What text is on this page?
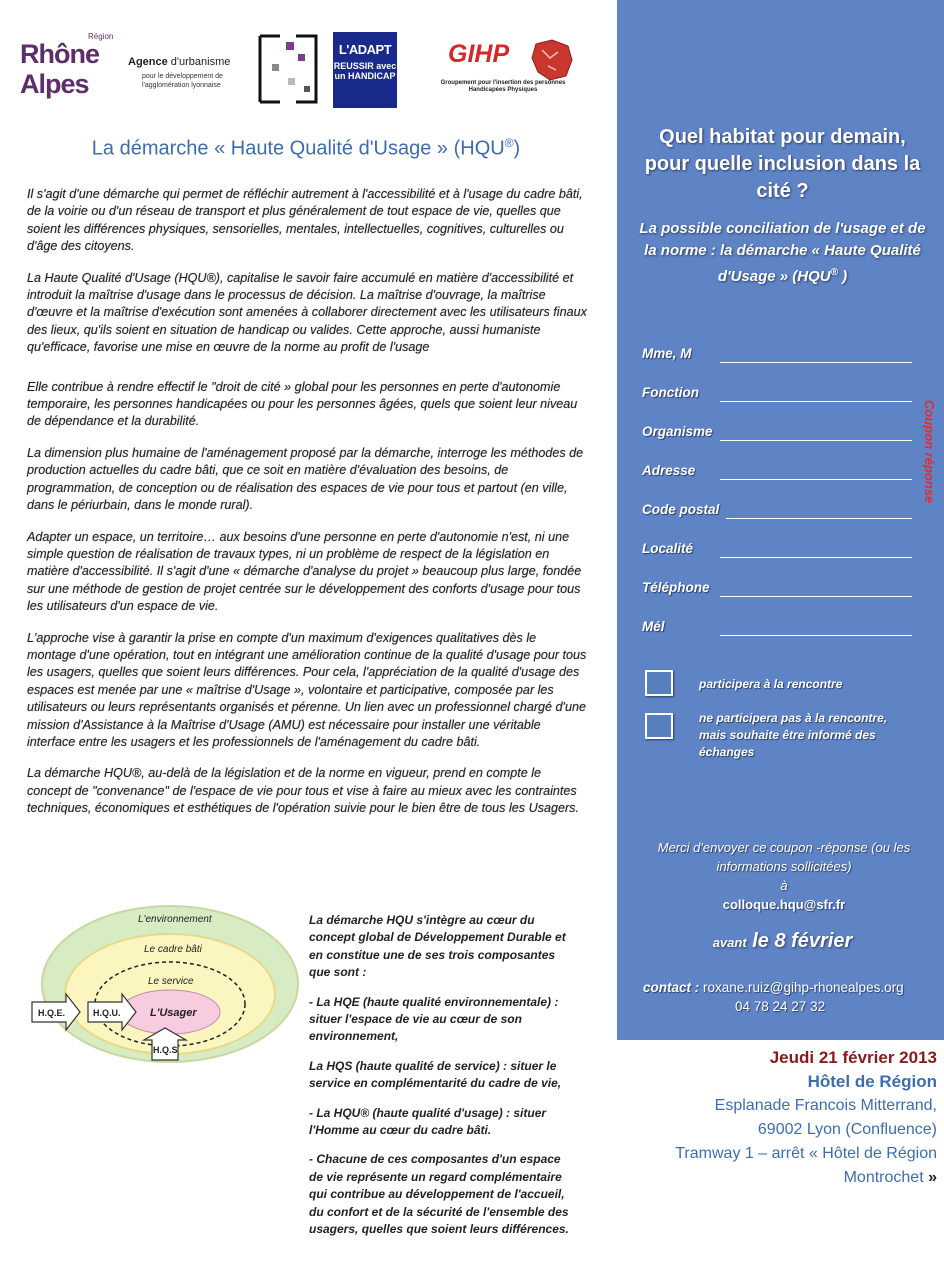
Région
Rhône
Alpes
Agence d'urbanisme
pour le développement de l'agglomération lyonnaise
L'ADAPT
REUSSIR avec un HANDICAP
GIHP
Groupement pour l'insertion des personnes Handicapées Physiques
La démarche « Haute Qualité d'Usage » (HQU®)

Il s'agit d'une démarche qui permet de réfléchir autrement à l'accessibilité et à l'usage du cadre bâti, de la voirie ou d'un réseau de transport et plus généralement de tout espace de vie, quelles que soient les différences physiques, sensorielles, mentales, intellectuelles, cognitives, culturelles ou d'âge des citoyens.

La Haute Qualité d'Usage (HQU®), capitalise le savoir faire accumulé en matière d'accessibilité et introduit la maîtrise d'usage dans le processus de décision. La maîtrise d'ouvrage, la maîtrise d'œuvre et la maîtrise d'exécution sont amenées à collaborer directement avec les utilisateurs finaux des lieux, qu'ils soient en situation de handicap ou valides. Cette approche, aussi humaniste qu'efficace, favorise une mise en œuvre de la norme au profit de l'usage

Elle contribue à rendre effectif le "droit de cité » global pour les personnes en perte d'autonomie temporaire, les personnes handicapées ou pour les personnes âgées, quels que soient leur niveau de dépendance et la durabilité.

La dimension plus humaine de l'aménagement proposé par la démarche, interroge les méthodes de production actuelles du cadre bâti, que ce soit en matière d'évaluation des besoins, de programmation, de conception ou de réalisation des espaces de vie pour tous et partout (en ville, dans le périurbain, dans le monde rural).

Adapter un espace, un territoire… aux besoins d'une personne en perte d'autonomie n'est, ni une simple question de réalisation de travaux types, ni un problème de respect de la législation en matière d'accessibilité. Il s'agit d'une « démarche d'analyse du projet » beaucoup plus large, fondée sur une méthode de gestion de projet centrée sur le développement des conforts d'usage pour tous les utilisateurs d'un espace de vie.

L'approche vise à garantir la prise en compte d'un maximum d'exigences qualitatives dès le montage d'une opération, tout en intégrant une amélioration continue de la qualité d'usage pour tous les usagers, quelles que soient leurs différences. Pour cela, l'appréciation de la qualité d'usage des espaces est menée par une « maîtrise d'Usage », volontaire et participative, composée par les utilisateurs ou leurs représentants organisés et pérenne. Un lien avec un professionnel chargé d'une mission d'Assistance à la Maîtrise d'Usage (AMU) est nécessaire pour installer une véritable interface entre les usagers et les professionnels de l'aménagement du cadre bâti.

La démarche HQU®, au-delà de la législation et de la norme en vigueur, prend en compte le concept de "convenance" de l'espace de vie pour tous et vise à faire au mieux avec les contraintes techniques, économiques et esthétiques de l'opération suivie pour le bien être de tous les Usagers.

L'environnement
Le cadre bâti
Le service
L'Usager
H.Q.E.	H.Q.U.
H.Q.S

La démarche HQU s'intègre au cœur du concept global de Développement Durable et en constitue une de ses trois composantes que sont :

- La HQE (haute qualité environnementale) : situer l'espace de vie au cœur de son environnement,

La HQS (haute qualité de service) : situer le service en complémentarité du cadre de vie,

- La HQU® (haute qualité d'usage) : situer l'Homme au cœur du cadre bâti.

- Chacune de ces composantes d'un espace de vie représente un regard complémentaire qui contribue au développement de l'accueil, du confort et de la sécurité de l'ensemble des usagers, quelles que soient leurs différences.

Quel habitat pour demain, pour quelle inclusion dans la cité ?
La possible conciliation de l'usage et de la norme : la démarche « Haute Qualité d'Usage » (HQU® )
Mme, M
Fonction
Organisme
Adresse
Code postal
Localité
Téléphone
Mél
participera à la rencontre
ne participera pas à la rencontre, mais souhaite être informé des échanges
Merci d'envoyer ce coupon -réponse (ou les informations sollicitées)
à
colloque.hqu@sfr.fr
avant le 8 février
contact : roxane.ruiz@gihp-rhonealpes.org
04 78 24 27 32
Coupon réponse
Jeudi 21 février 2013
Hôtel de Région
Esplanade Francois Mitterrand,
69002 Lyon (Confluence)
Tramway 1 – arrêt « Hôtel de Région
Montrochet »
